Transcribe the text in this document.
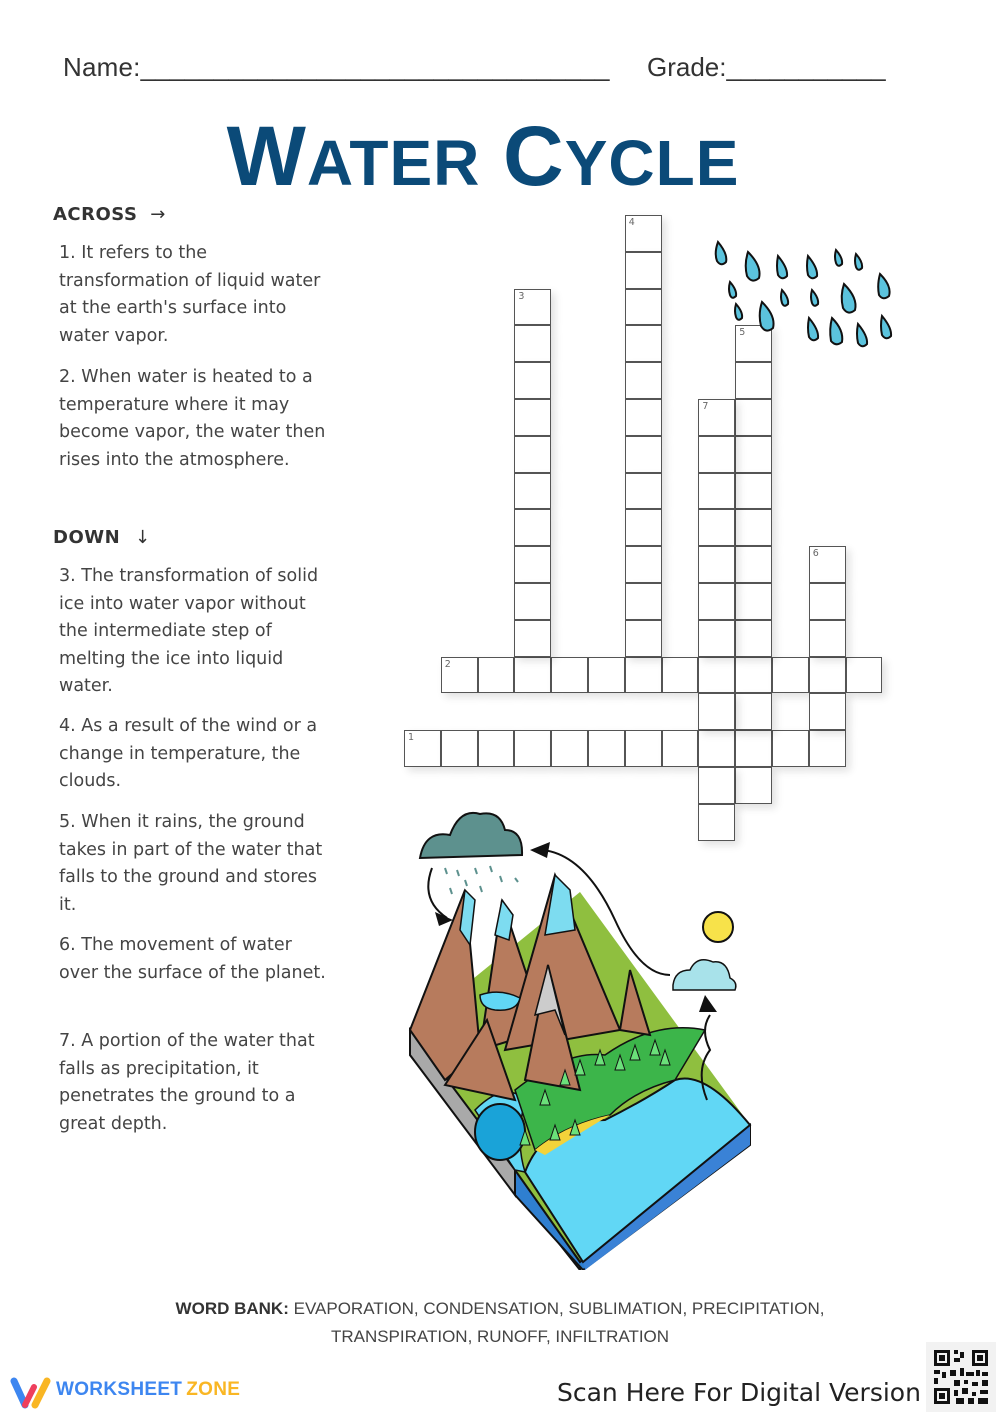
Name:________________________________ Grade:___________
WATER CYCLE
ACROSS →
1. It refers to the transformation of liquid water at the earth's surface into water vapor.
2. When water is heated to a temperature where it may become vapor, the water then rises into the atmosphere.
DOWN ↓
3. The transformation of solid ice into water vapor without the intermediate step of melting the ice into liquid water.
4. As a result of the wind or a change in temperature, the clouds.
5. When it rains, the ground takes in part of the water that falls to the ground and stores it.
6. The movement of water over the surface of the planet.
7. A portion of the water that falls as precipitation, it penetrates the ground to a great depth.
1
2
3
4
5
6
7
WORD BANK: EVAPORATION, CONDENSATION, SUBLIMATION, PRECIPITATION,
TRANSPIRATION, RUNOFF, INFILTRATION
WORKSHEET ZONE	Scan Here For Digital Version
